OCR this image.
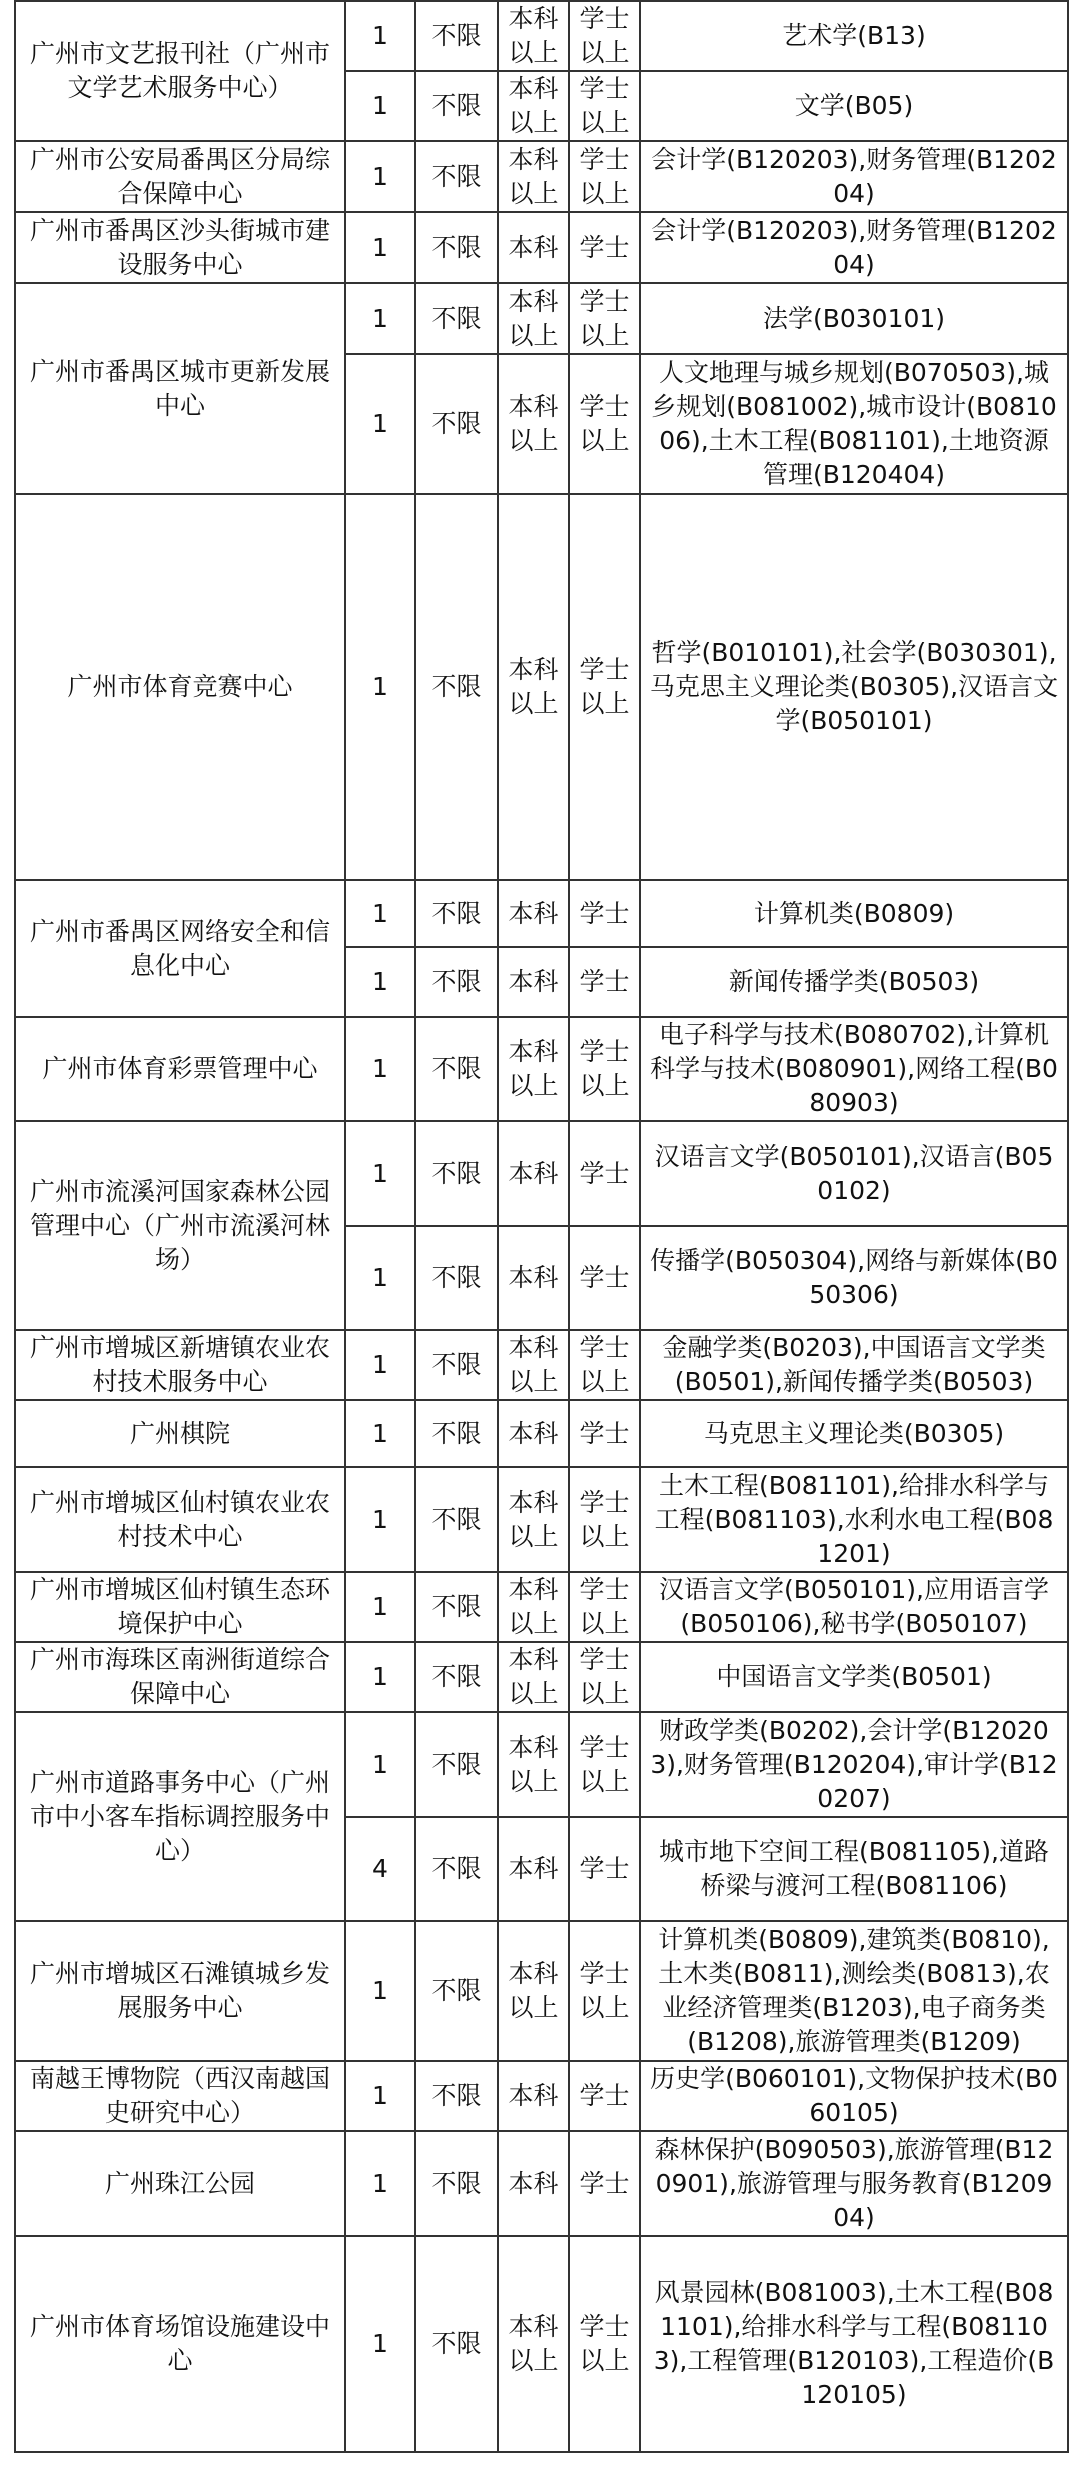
广州市文艺报刊社（广州市文学艺术服务中心）	1	不限	本科以上	学士以上	艺术学(B13)
	1	不限	本科以上	学士以上	文学(B05)
广州市公安局番禺区分局综合保障中心	1	不限	本科以上	学士以上	会计学(B120203),财务管理(B120204)
广州市番禺区沙头街城市建设服务中心	1	不限	本科	学士	会计学(B120203),财务管理(B120204)
广州市番禺区城市更新发展中心	1	不限	本科以上	学士以上	法学(B030101)
	1	不限	本科以上	学士以上	人文地理与城乡规划(B070503),城乡规划(B081002),城市设计(B081006),土木工程(B081101),土地资源管理(B120404)
广州市体育竞赛中心	1	不限	本科以上	学士以上	哲学(B010101),社会学(B030301),马克思主义理论类(B0305),汉语言文学(B050101)
广州市番禺区网络安全和信息化中心	1	不限	本科	学士	计算机类(B0809)
	1	不限	本科	学士	新闻传播学类(B0503)
广州市体育彩票管理中心	1	不限	本科以上	学士以上	电子科学与技术(B080702),计算机科学与技术(B080901),网络工程(B080903)
广州市流溪河国家森林公园管理中心（广州市流溪河林场）	1	不限	本科	学士	汉语言文学(B050101),汉语言(B050102)
	1	不限	本科	学士	传播学(B050304),网络与新媒体(B050306)
广州市增城区新塘镇农业农村技术服务中心	1	不限	本科以上	学士以上	金融学类(B0203),中国语言文学类(B0501),新闻传播学类(B0503)
广州棋院	1	不限	本科	学士	马克思主义理论类(B0305)
广州市增城区仙村镇农业农村技术中心	1	不限	本科以上	学士以上	土木工程(B081101),给排水科学与工程(B081103),水利水电工程(B081201)
广州市增城区仙村镇生态环境保护中心	1	不限	本科以上	学士以上	汉语言文学(B050101),应用语言学(B050106),秘书学(B050107)
广州市海珠区南洲街道综合保障中心	1	不限	本科以上	学士以上	中国语言文学类(B0501)
广州市道路事务中心（广州市中小客车指标调控服务中心）	1	不限	本科以上	学士以上	财政学类(B0202),会计学(B120203),财务管理(B120204),审计学(B120207)
	4	不限	本科	学士	城市地下空间工程(B081105),道路桥梁与渡河工程(B081106)
广州市增城区石滩镇城乡发展服务中心	1	不限	本科以上	学士以上	计算机类(B0809),建筑类(B0810),土木类(B0811),测绘类(B0813),农业经济管理类(B1203),电子商务类(B1208),旅游管理类(B1209)
南越王博物院（西汉南越国史研究中心）	1	不限	本科	学士	历史学(B060101),文物保护技术(B060105)
广州珠江公园	1	不限	本科	学士	森林保护(B090503),旅游管理(B120901),旅游管理与服务教育(B120904)
广州市体育场馆设施建设中心	1	不限	本科以上	学士以上	风景园林(B081003),土木工程(B081101),给排水科学与工程(B081103),工程管理(B120103),工程造价(B120105)
